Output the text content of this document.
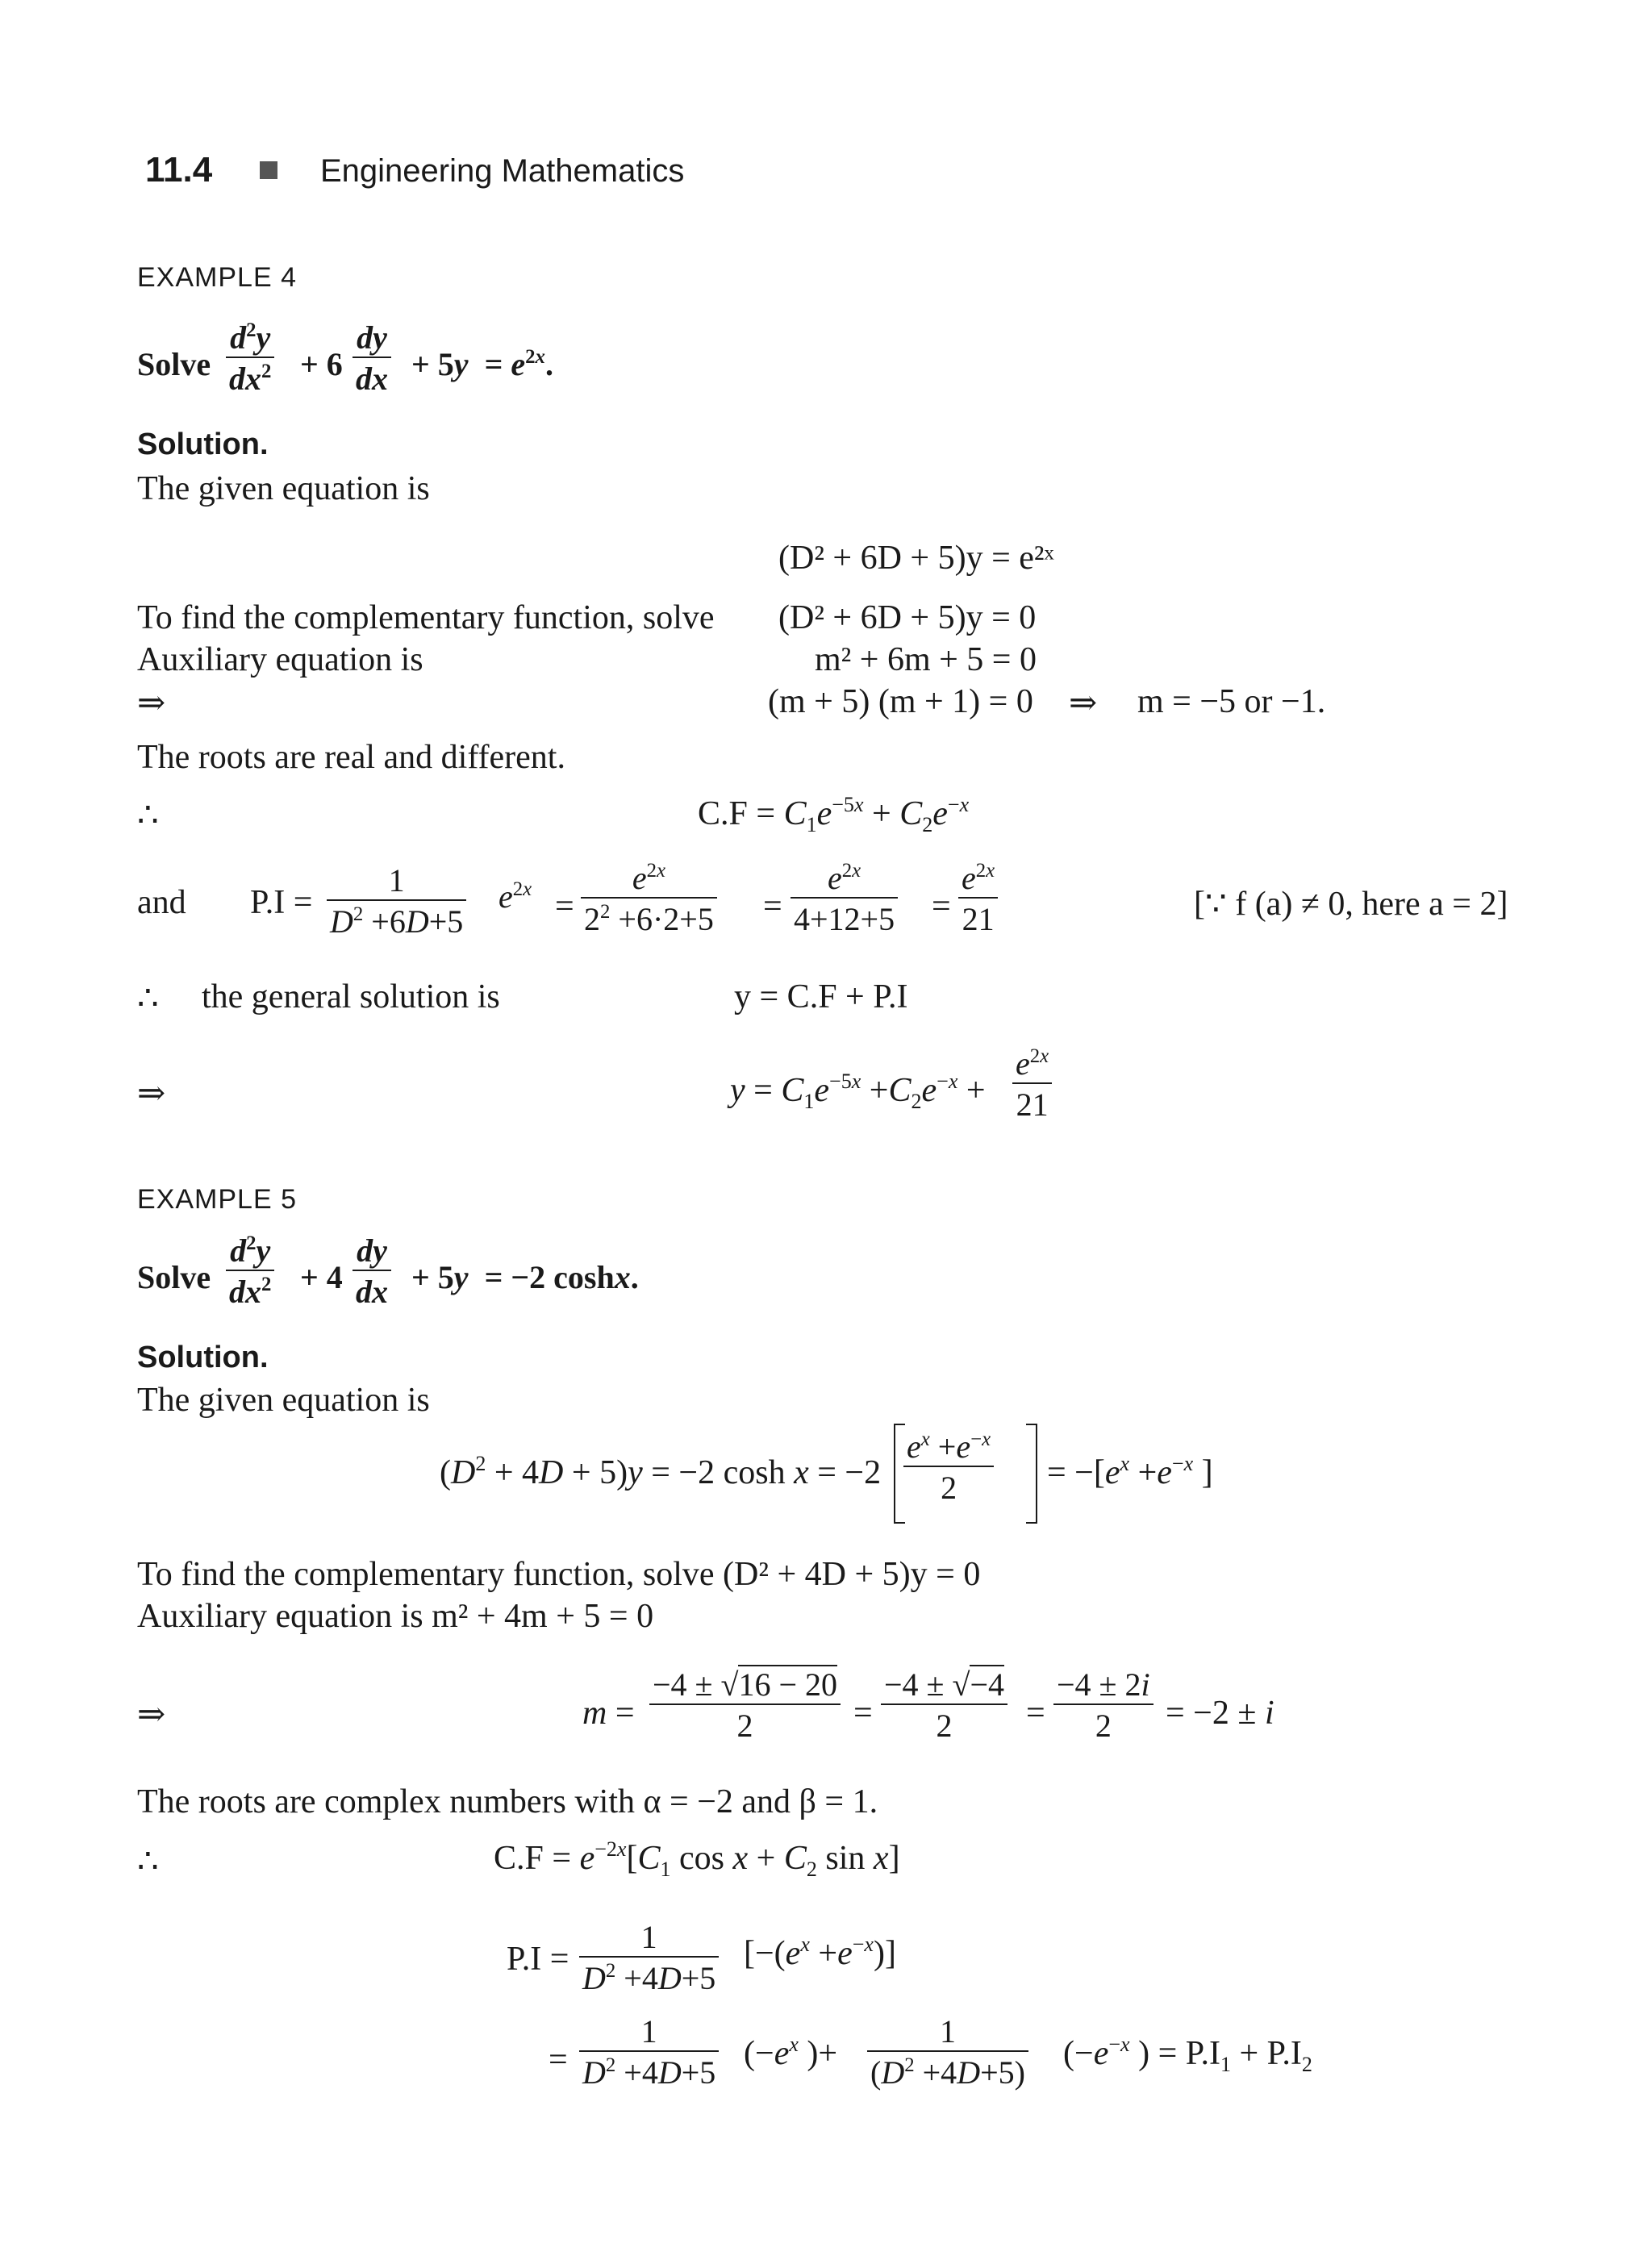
11.4	Engineering Mathematics
EXAMPLE 4
Solve $\frac{d^2y}{dx^2} + 6 \frac{dy}{dx} + 5y = e^{2x}$.
Solution.
The given equation is
(D² + 6D + 5)y = e²ˣ
To find the complementary function, solve (D² + 6D + 5)y = 0
Auxiliary equation is	m² + 6m + 5 = 0
⇒	(m + 5) (m + 1) = 0 ⇒ m = −5 or −1.
The roots are real and different.
∴	$C.F = C_1e^{-5x} + C_2e^{-x}$
and $P.I = \frac{1}{D^2 +6D+5} e^{2x} = \frac{e^{2x}}{2^2 +6\cdot 2+5} = \frac{e^{2x}}{4+12+5} = \frac{e^{2x}}{21}$	[∵ f (a) ≠ 0, here a = 2]
∴ the general solution is	y = C.F + P.I
⇒	$y = C_1e^{-5x} +C_2e^{-x} + \frac{e^{2x}}{21}$
EXAMPLE 5
Solve $\frac{d^2y}{dx^2} + 4 \frac{dy}{dx} + 5y = -2$ coshx.
Solution.
The given equation is
$(D^2 + 4D + 5)y = -2$ $\cosh x = -2 \frac{e^x +e^{-x}}{2} = -[e^x +e^{-x}$ ]
To find the complementary function, solve (D² + 4D + 5)y = 0
Auxiliary equation is m² + 4m + 5 = 0
⇒	$m = \frac{-4 \pm √16 - 20}{2} = \frac{-4 \pm √-4}{2} = \frac{-4 \pm 2i}{2} = -2 \pm i$
The roots are complex numbers with α = −2 and β = 1.
∴	$C.F = e^{-2x}[C_1$ $\cos x + C_2$ sin x]
$P.I = \frac{1}{D^2 +4D+5} [-(e^x +e^{-x})]$
= $\frac{1}{D^2 +4D+5} (-e^x$ )+ $\frac{1}{(D^2 +4D+5)} (-e^{-x}$ ) = $P.I_1 + P.I_2$
